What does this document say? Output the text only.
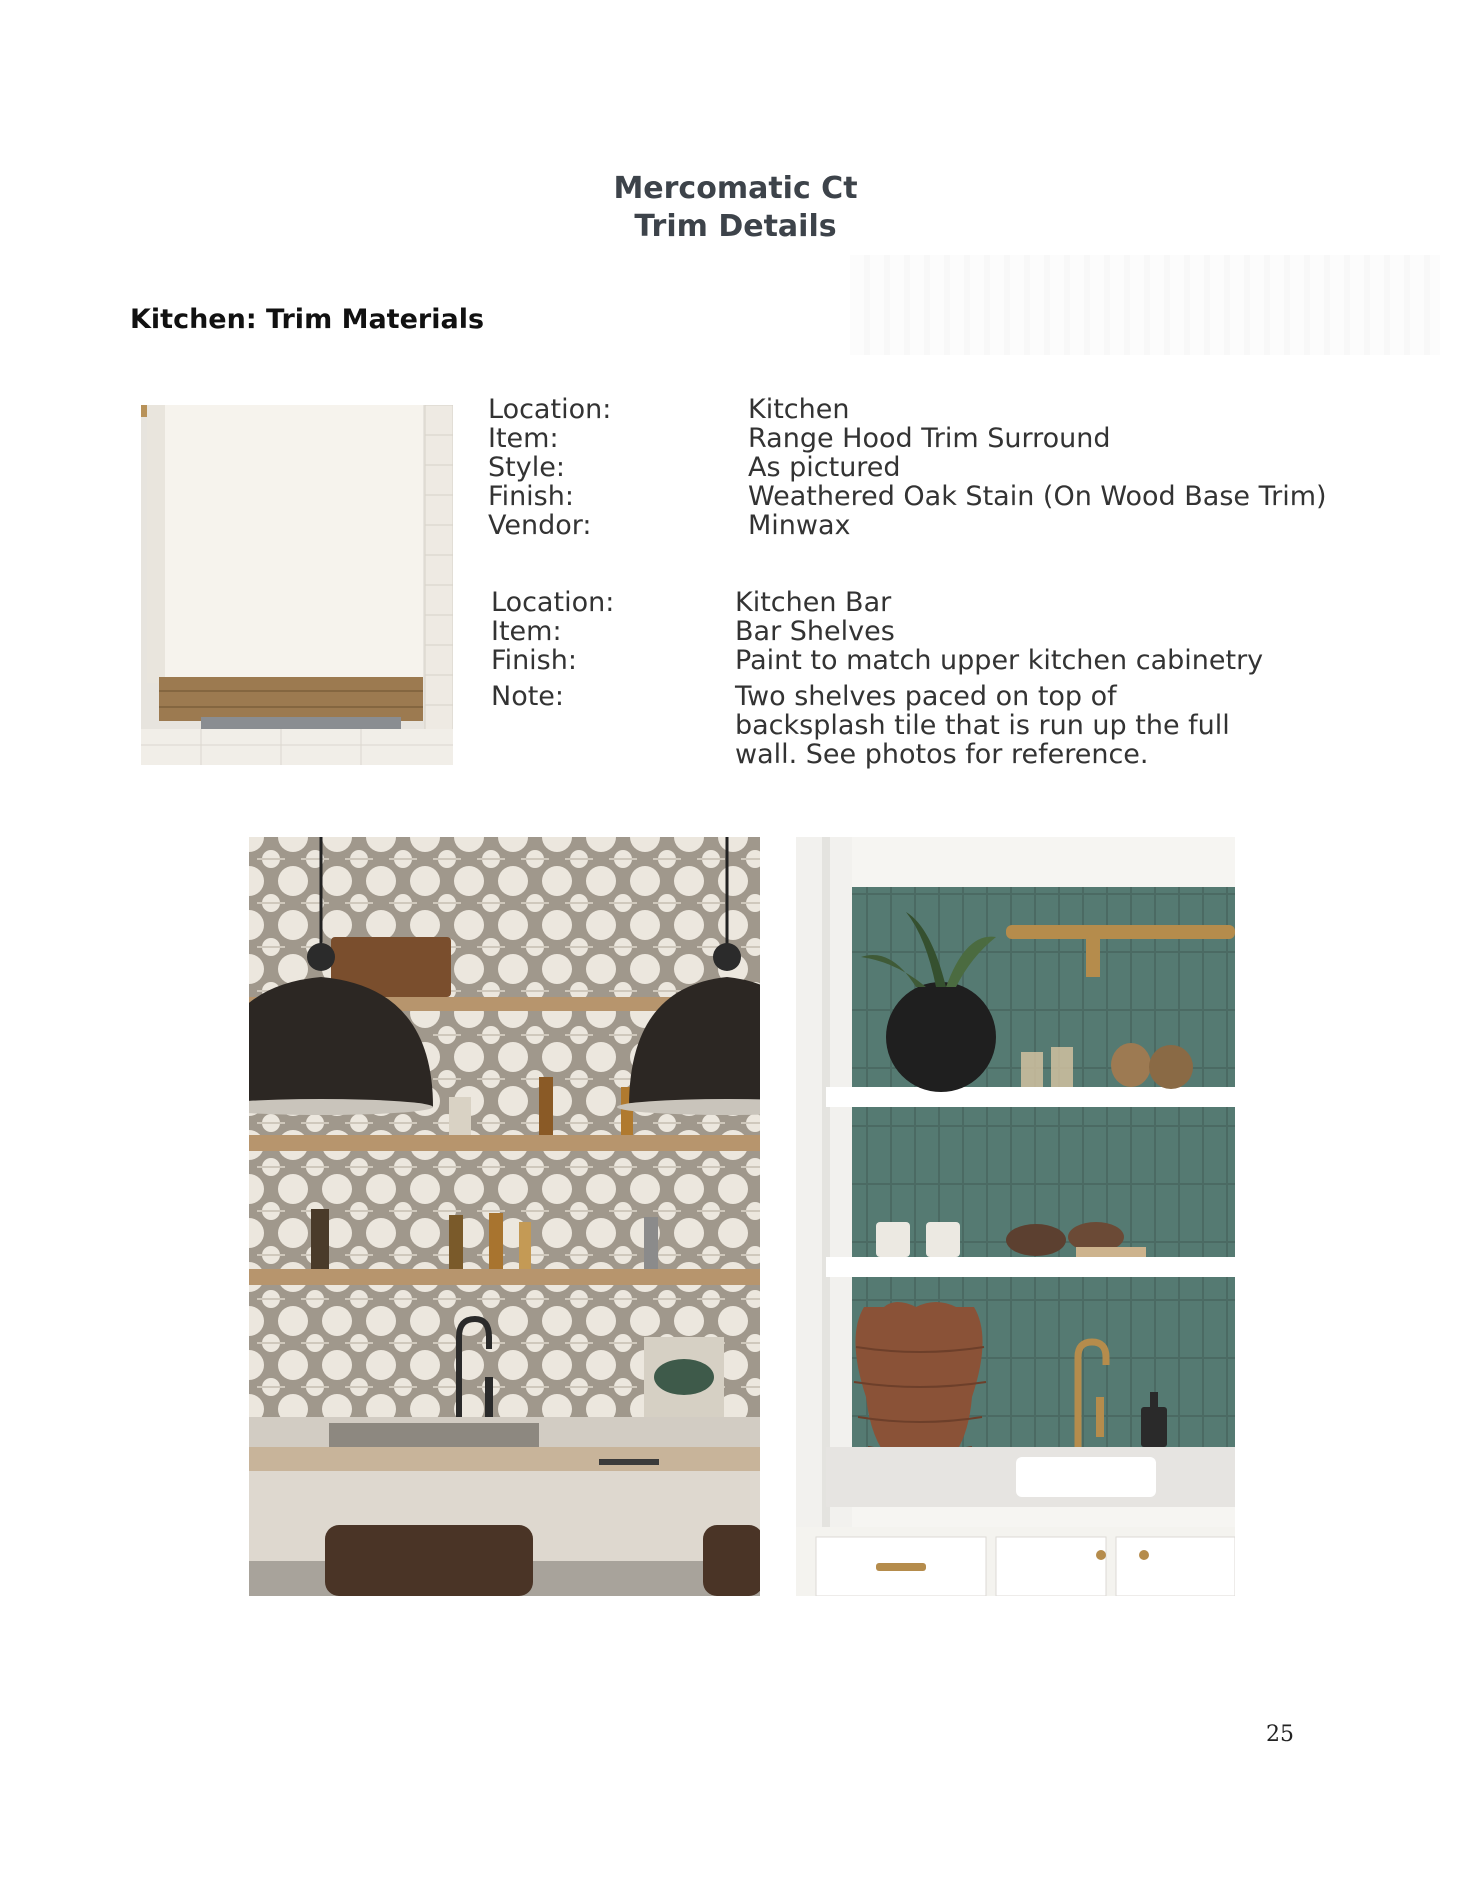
Mercomatic Ct
Trim Details
Kitchen: Trim Materials
Location:	Kitchen
Item:	Range Hood Trim Surround
Style:	As pictured
Finish:	Weathered Oak Stain (On Wood Base Trim)
Vendor:	Minwax
Location:	Kitchen Bar
Item:	Bar Shelves
Finish:	Paint to match upper kitchen cabinetry
Note:	Two shelves paced on top of
backsplash tile that is run up the full
wall. See photos for reference.
25
